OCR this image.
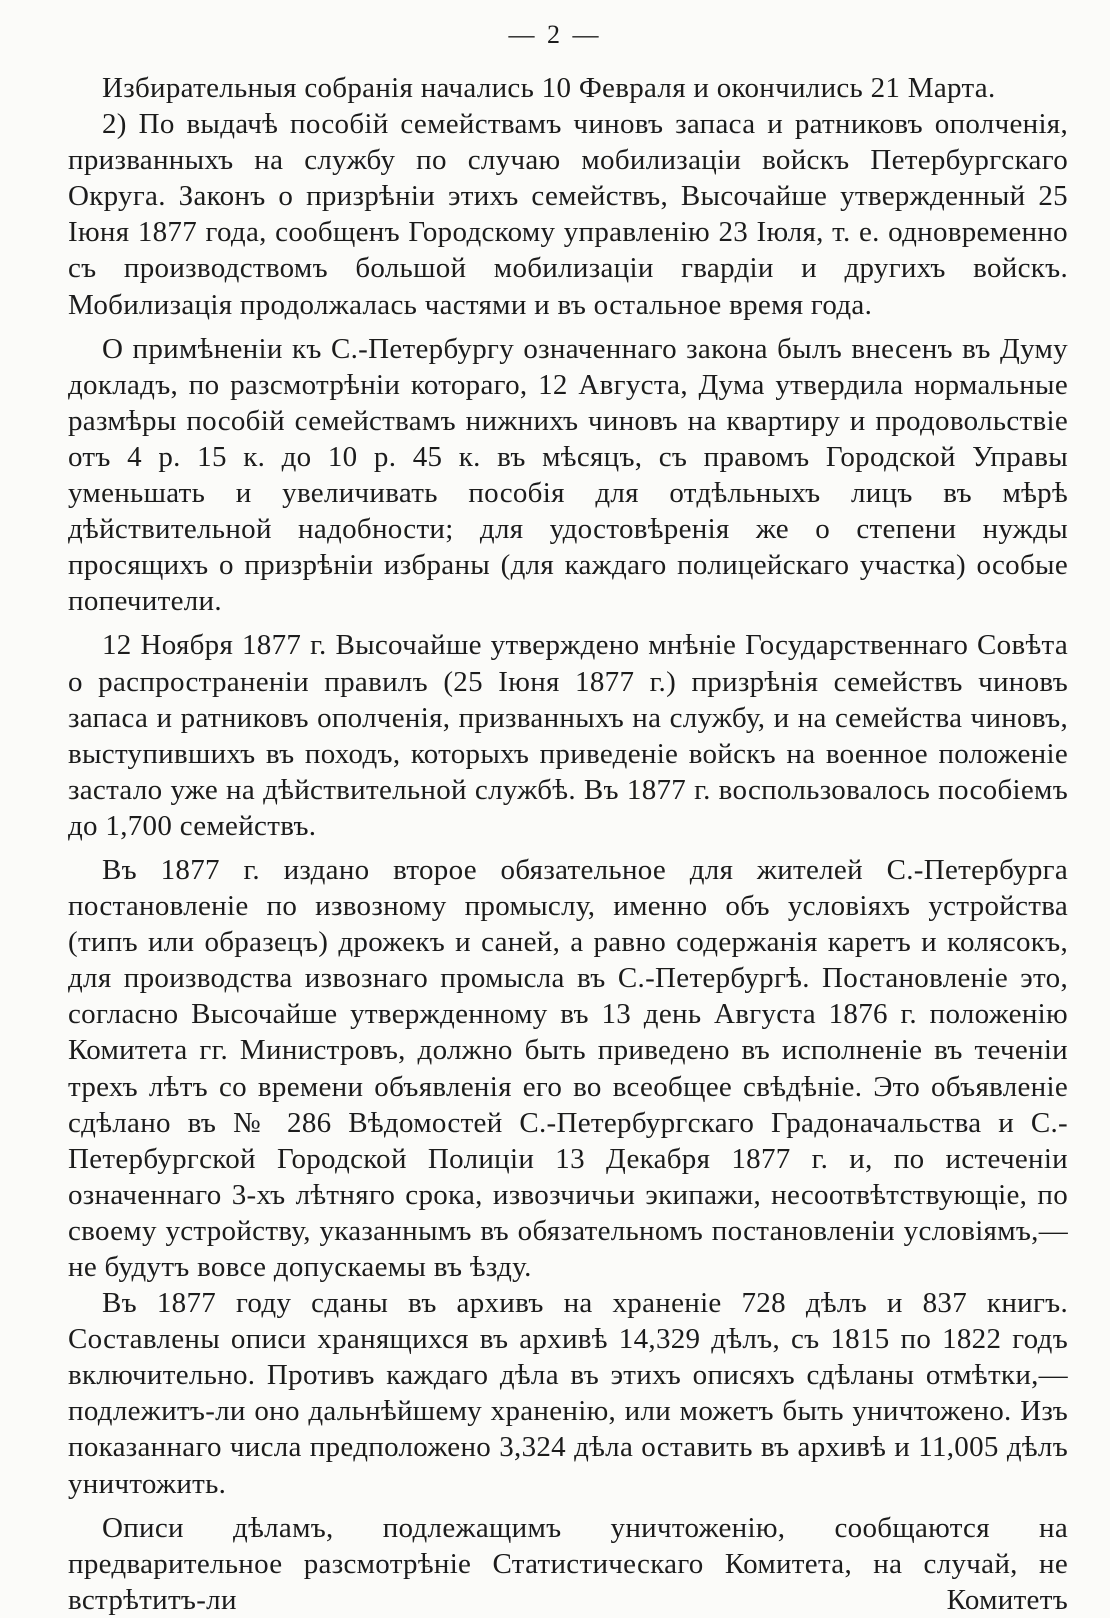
— 2 —

Избирательныя собранія начались 10 Февраля и окончились 21 Марта.

2) По выдачѣ пособій семействамъ чиновъ запаса и ратниковъ ополченія, призванныхъ на службу по случаю мобилизаціи войскъ Петербургскаго Округа. Законъ о призрѣніи этихъ семействъ, Высочайше утвержденный 25 Іюня 1877 года, сообщенъ Городскому управленію 23 Іюля, т. е. одновременно съ производствомъ большой мобилизаціи гвардіи и другихъ войскъ. Мобилизація продолжалась частями и въ остальное время года.

О примѣненіи къ С.-Петербургу означеннаго закона былъ внесенъ въ Думу докладъ, по разсмотрѣніи котораго, 12 Августа, Дума утвердила нормальные размѣры пособій семействамъ нижнихъ чиновъ на квартиру и продовольствіе отъ 4 р. 15 к. до 10 р. 45 к. въ мѣсяцъ, съ правомъ Городской Управы уменьшать и увеличивать пособія для отдѣльныхъ лицъ въ мѣрѣ дѣйствительной надобности; для удостовѣренія же о степени нужды просящихъ о призрѣніи избраны (для каждаго полицейскаго участка) особые попечители.

12 Ноября 1877 г. Высочайше утверждено мнѣніе Государственнаго Совѣта о распространеніи правилъ (25 Іюня 1877 г.) призрѣнія семействъ чиновъ запаса и ратниковъ ополченія, призванныхъ на службу, и на семейства чиновъ, выступившихъ въ походъ, которыхъ приведеніе войскъ на военное положеніе застало уже на дѣйствительной службѣ. Въ 1877 г. воспользовалось пособіемъ до 1,700 семействъ.

Въ 1877 г. издано второе обязательное для жителей С.-Петербурга постановленіе по извозному промыслу, именно объ условіяхъ устройства (типъ или образецъ) дрожекъ и саней, а равно содержанія каретъ и колясокъ, для производства извознаго промысла въ С.-Петербургѣ. Постановленіе это, согласно Высочайше утвержденному въ 13 день Августа 1876 г. положенію Комитета гг. Министровъ, должно быть приведено въ исполненіе въ теченіи трехъ лѣтъ со времени объявленія его во всеобщее свѣдѣніе. Это объявленіе сдѣлано въ № 286 Вѣдомостей С.-Петербургскаго Градоначальства и С.-Петербургской Городской Полиціи 13 Декабря 1877 г. и, по истеченіи означеннаго 3-хъ лѣтняго срока, извозчичьи экипажи, несоотвѣтствующіе, по своему устройству, указаннымъ въ обязательномъ постановленіи условіямъ,—не будутъ вовсе допускаемы въ ѣзду.

Въ 1877 году сданы въ архивъ на храненіе 728 дѣлъ и 837 книгъ. Составлены описи хранящихся въ архивѣ 14,329 дѣлъ, съ 1815 по 1822 годъ включительно. Противъ каждаго дѣла въ этихъ описяхъ сдѣланы отмѣтки,—подлежитъ-ли оно дальнѣйшему храненію, или можетъ быть уничтожено. Изъ показаннаго числа предположено 3,324 дѣла оставить въ архивѣ и 11,005 дѣлъ уничтожить.

Описи дѣламъ, подлежащимъ уничтоженію, сообщаются на предварительное разсмотрѣніе Статистическаго Комитета, на случай, не встрѣтитъ-ли Комитетъ
